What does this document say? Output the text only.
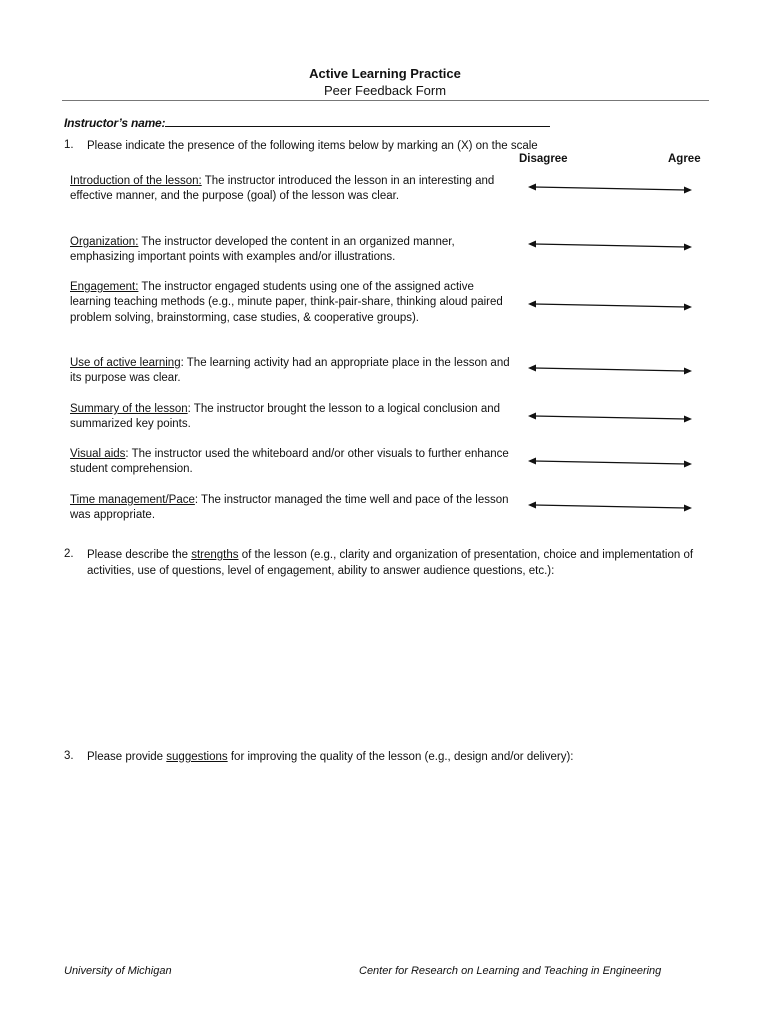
Active Learning Practice
Peer Feedback Form
Instructor’s name:
1. Please indicate the presence of the following items below by marking an (X) on the scale
Disagree	Agree
Introduction of the lesson: The instructor introduced the lesson in an interesting and effective manner, and the purpose (goal) of the lesson was clear.
Organization: The instructor developed the content in an organized manner, emphasizing important points with examples and/or illustrations.
Engagement: The instructor engaged students using one of the assigned active learning teaching methods (e.g., minute paper, think-pair-share, thinking aloud paired problem solving, brainstorming, case studies, & cooperative groups).
Use of active learning: The learning activity had an appropriate place in the lesson and its purpose was clear.
Summary of the lesson: The instructor brought the lesson to a logical conclusion and summarized key points.
Visual aids: The instructor used the whiteboard and/or other visuals to further enhance student comprehension.
Time management/Pace: The instructor managed the time well and pace of the lesson was appropriate.
2. Please describe the strengths of the lesson (e.g., clarity and organization of presentation, choice and implementation of activities, use of questions, level of engagement, ability to answer audience questions, etc.):
3. Please provide suggestions for improving the quality of the lesson (e.g., design and/or delivery):
University of Michigan	Center for Research on Learning and Teaching in Engineering
